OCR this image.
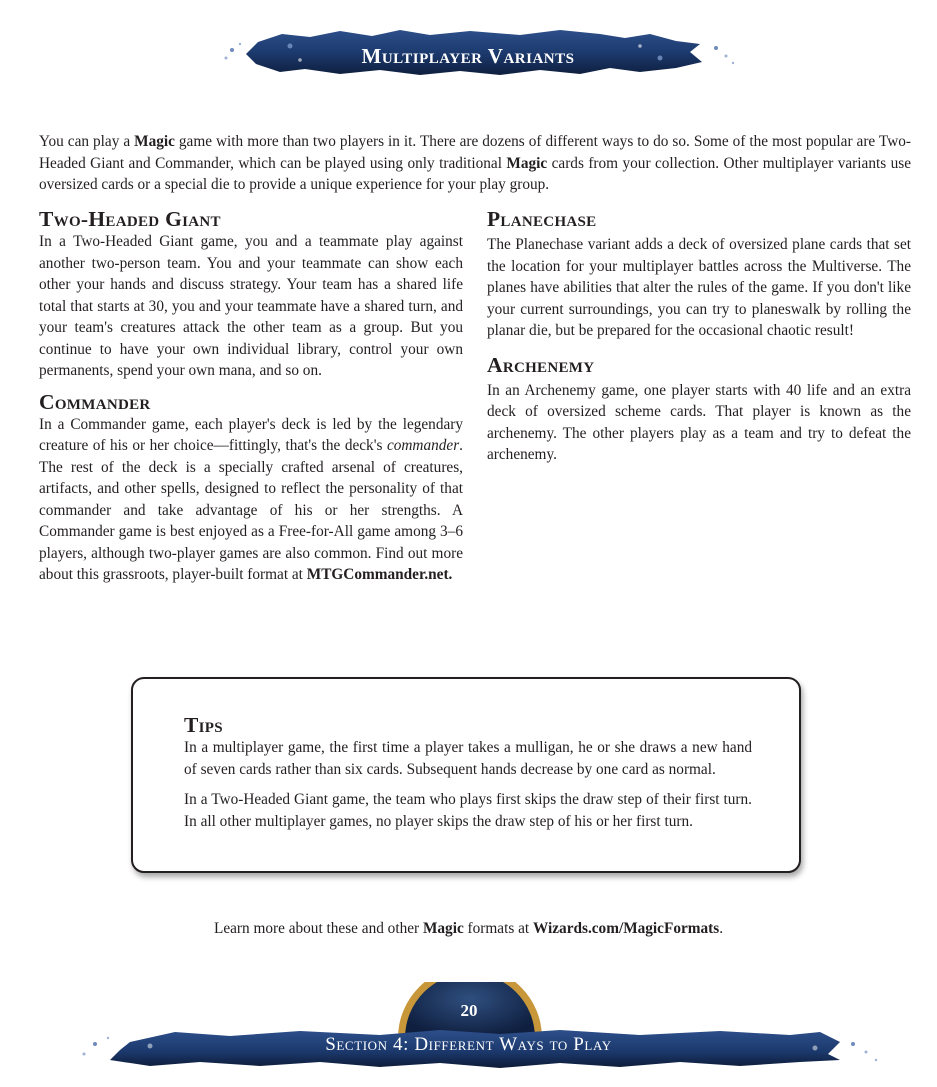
Multiplayer Variants

You can play a Magic game with more than two players in it. There are dozens of different ways to do so. Some of the most popular are Two-Headed Giant and Commander, which can be played using only traditional Magic cards from your collection. Other multiplayer variants use oversized cards or a special die to provide a unique experience for your play group.

Two-Headed Giant

In a Two-Headed Giant game, you and a teammate play against another two-person team. You and your teammate can show each other your hands and discuss strategy. Your team has a shared life total that starts at 30, you and your teammate have a shared turn, and your team's creatures attack the other team as a group. But you continue to have your own individual library, control your own permanents, spend your own mana, and so on.

Commander

In a Commander game, each player's deck is led by the legendary creature of his or her choice—fittingly, that's the deck's commander. The rest of the deck is a specially crafted arsenal of creatures, artifacts, and other spells, designed to reflect the personality of that commander and take advantage of his or her strengths. A Commander game is best enjoyed as a Free-for-All game among 3–6 players, although two-player games are also common. Find out more about this grassroots, player-built format at MTGCommander.net.

Planechase

The Planechase variant adds a deck of oversized plane cards that set the location for your multiplayer battles across the Multiverse. The planes have abilities that alter the rules of the game. If you don't like your current surroundings, you can try to planeswalk by rolling the planar die, but be prepared for the occasional chaotic result!

Archenemy

In an Archenemy game, one player starts with 40 life and an extra deck of oversized scheme cards. That player is known as the archenemy. The other players play as a team and try to defeat the archenemy.

Tips

In a multiplayer game, the first time a player takes a mulligan, he or she draws a new hand of seven cards rather than six cards. Subsequent hands decrease by one card as normal.

In a Two-Headed Giant game, the team who plays first skips the draw step of their first turn. In all other multiplayer games, no player skips the draw step of his or her first turn.

Learn more about these and other Magic formats at Wizards.com/MagicFormats.

20
Section 4: Different Ways to Play
